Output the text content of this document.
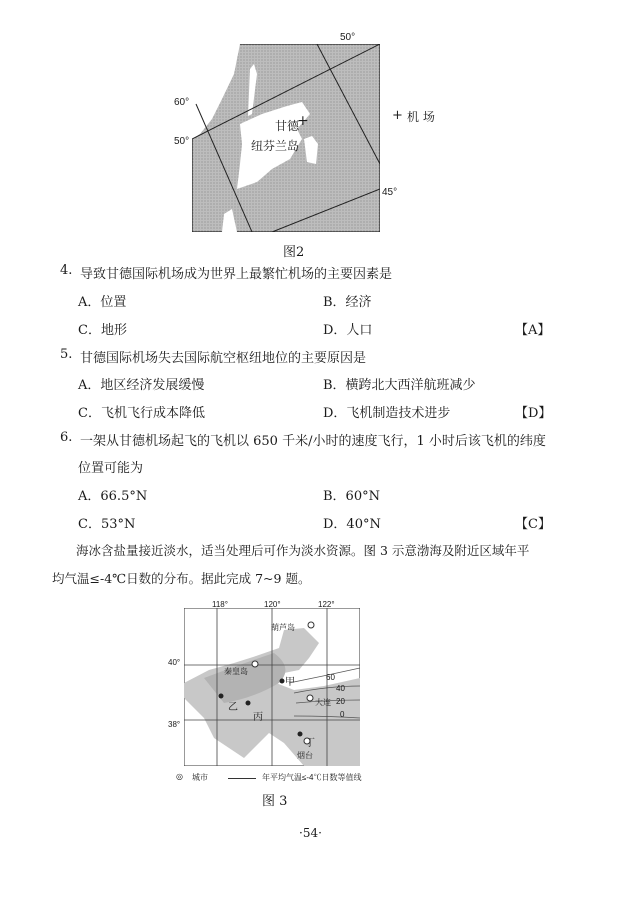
50°
60°
50°
45°
甘德
+
纽芬兰岛
+ 机 场
图2
4. 导致甘德国际机场成为世界上最繁忙机场的主要因素是
A．位置	B．经济
C．地形	D．人口	【A】
5. 甘德国际机场失去国际航空枢纽地位的主要原因是
A．地区经济发展缓慢	B．横跨北大西洋航班减少
C．飞机飞行成本降低	D．飞机制造技术进步	【D】
6. 一架从甘德机场起飞的飞机以 650 千米/小时的速度飞行，1 小时后该飞机的纬度
位置可能为
A．66.5°N	B．60°N
C．53°N	D．40°N	【C】
海冰含盐量接近淡水，适当处理后可作为淡水资源。图 3 示意渤海及附近区域年平
均气温≤-4℃日数的分布。据此完成 7~9 题。
118°	120°	122°
40°
38°
葫芦岛
秦皇岛
甲
乙
丙
大连
丁
烟台
60
40
20
0
◎ 城市	年平均气温≤-4℃日数等值线
图 3
·54·
